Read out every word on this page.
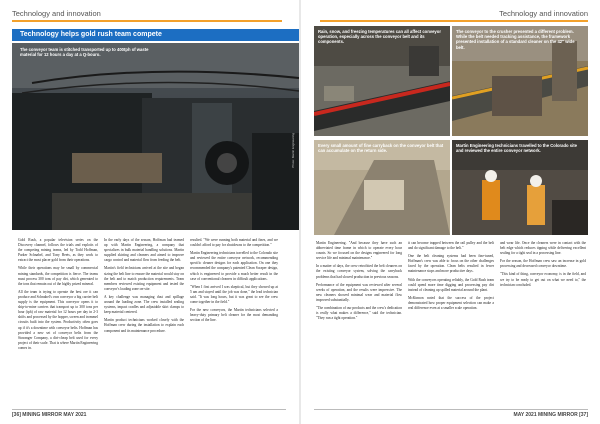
Technology and innovation
Technology helps gold rush team compete
The conveyor team is stitched transported up to 400tph of waste material for 12 hours a day at a Q-bouro.
Photo: Martin Engineering

Gold Rush, a popular television series on the Discovery channel, follows the trials and exploits of the competing mining teams, led by Todd Hoffman, Parker Schnabel, and Tony Beets, as they work to extract the most placer gold from their operations.

While their operations may be small by commercial mining standards, the competition is fierce. The teams must process 300 tons of pay dirt, which generated to the tons that remain out of the highly prized mineral.

All the team is trying to operate the best ore it can produce and Schnabel's own conveyor a big carrier belt supply is the equipment. This conveyor opens it to ship-to-mine carriers that transport up to 300 tons per hour (tph) of raw material for 12 hours per day in 2-3 shifts and processed by the hopper, screen and trommel circuits built into the system. Productivity often goes up if it's a downtime with conveyor belts. Hoffman has provided a new set of conveyor belts from the Stavanger Company, a dirt-cheap belt used for every project of their scale. That is where Martin Engineering comes in.

In the early days of the season, Hoffman had teamed up with Martin Engineering, a company that specializes in bulk material handling solutions. Martin supplied skirting and cleaners and aimed to improve cargo control and material flow from feeding the belt.

Martin's field technicians arrived at the site and began sizing the belt line to ensure the material would stay on the belt and to match production requirements. Team members reviewed existing equipment and tested the conveyor's loading zone on-site.

A key challenge was managing dust and spillage around the loading zone. The crew installed sealing systems, impact cradles and adjustable skirt clamps to keep material centered.

Martin product technicians worked closely with the Hoffman crew during the installation to explain each component and its maintenance procedure.

resulted. "We were running both material and fines, and we couldn't afford to pay for shutdowns to the competition."

Martin Engineering technicians travelled to the Colorado site and reviewed the entire conveyor network, recommending specific cleaner designs for each application. On one they recommended the company's patented Clean Scraper design, which is engineered to provide a much better result in the case of conventional cleaners in difficult applications.

"When I first arrived I was skeptical, but they showed up at 5 am and stayed until the job was done," the lead technician said. "It was long hours, but it was great to see the crew come together in the field."

For the new conveyors, the Martin technicians selected a heavy-duty primary belt cleaner for the most demanding section of the line.

[36] MINING MIRROR MAY 2021
Technology and innovation
Rain, snow, and freezing temperatures can all affect conveyor operation, especially across the conveyor belt and its components.
The conveyor to the crusher presented a different problem. While the belt needed tracking assistance, the framework presented installation of a standard cleaner on the 42" wide belt.
Every small amount of fine carryback on the conveyor belt that can accumulate on the return side.
Martin Engineering technicians travelled to the Colorado site and reviewed the entire conveyor network.

Martin Engineering. "And because they have such an abbreviated time frame in which to operate every hour counts. So we focused on the designs engineered for long service life and minimal maintenance."

In a matter of days, the crew retrofitted the belt cleaners on the existing conveyor system, solving the carryback problems that had slowed production in previous seasons.

Performance of the equipment was reviewed after several weeks of operation, and the results were impressive. The new cleaners showed minimal wear and material flow improved substantially.

"The combination of our products and the crew's dedication is really what makes a difference," said the technician. "They run a tight operation."

it can become trapped between the rail pulley and the belt and do significant damage to the belt."

One the belt cleaning systems had been fine-tuned, Hoffman's crew was able to focus on the other challenges faced by the operation. Clean belts resulted in fewer maintenance stops and more productive days.

With the conveyors operating reliably, the Gold Rush team could spend more time digging and processing pay dirt instead of cleaning up spilled material around the plant.

McKinnon noted that the success of the project demonstrated how proper equipment selection can make a real difference even at a smaller scale operation.

and wear life. Once the cleaners were in contact with the belt edge which reduces tipping while delivering excellent sealing for a tight seal in a processing line.

For the season, the Hoffman crew saw an increase in gold processing and decreased conveyor downtime.

"This kind of thing, conveyor economy, is in the field, and we try to be ready to get out on what we need to," the technician concluded.

MAY 2021 MINING MIRROR [37]
